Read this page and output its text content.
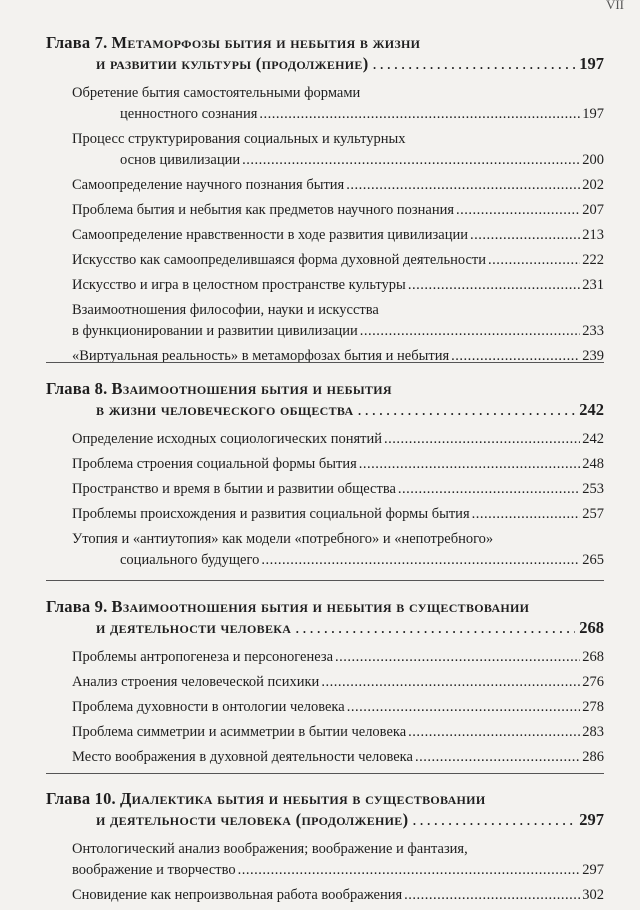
VII
Глава 7. Метаморфозы бытия и небытия в жизни
и развитии культуры (продолжение) .....	197
Обретение бытия самостоятельными формами
ценностного сознания .....	197
Процесс структурирования социальных и культурных
основ цивилизации .....	200
Самоопределение научного познания бытия .....	202
Проблема бытия и небытия как предметов научного познания .....	207
Самоопределение нравственности в ходе развития цивилизации .....	213
Искусство как самоопределившаяся форма духовной деятельности .....	222
Искусство и игра в целостном пространстве культуры .....	231
Взаимоотношения философии, науки и искусства
в функционировании и развитии цивилизации .....	233
«Виртуальная реальность» в метаморфозах бытия и небытия .....	239
Глава 8. Взаимоотношения бытия и небытия
в жизни человеческого общества .....	242
Определение исходных социологических понятий .....	242
Проблема строения социальной формы бытия .....	248
Пространство и время в бытии и развитии общества .....	253
Проблемы происхождения и развития социальной формы бытия .....	257
Утопия и «антиутопия» как модели «потребного» и «непотребного»
социального будущего .....	265
Глава 9. Взаимоотношения бытия и небытия в существовании
и деятельности человека .....	268
Проблемы антропогенеза и персоногенеза .....	268
Анализ строения человеческой психики .....	276
Проблема духовности в онтологии человека .....	278
Проблема симметрии и асимметрии в бытии человека .....	283
Место воображения в духовной деятельности человека .....	286
Глава 10. Диалектика бытия и небытия в существовании
и деятельности человека (продолжение) .....	297
Онтологический анализ воображения; воображение и фантазия,
воображение и творчество .....	297
Сновидение как непроизвольная работа воображения .....	302
